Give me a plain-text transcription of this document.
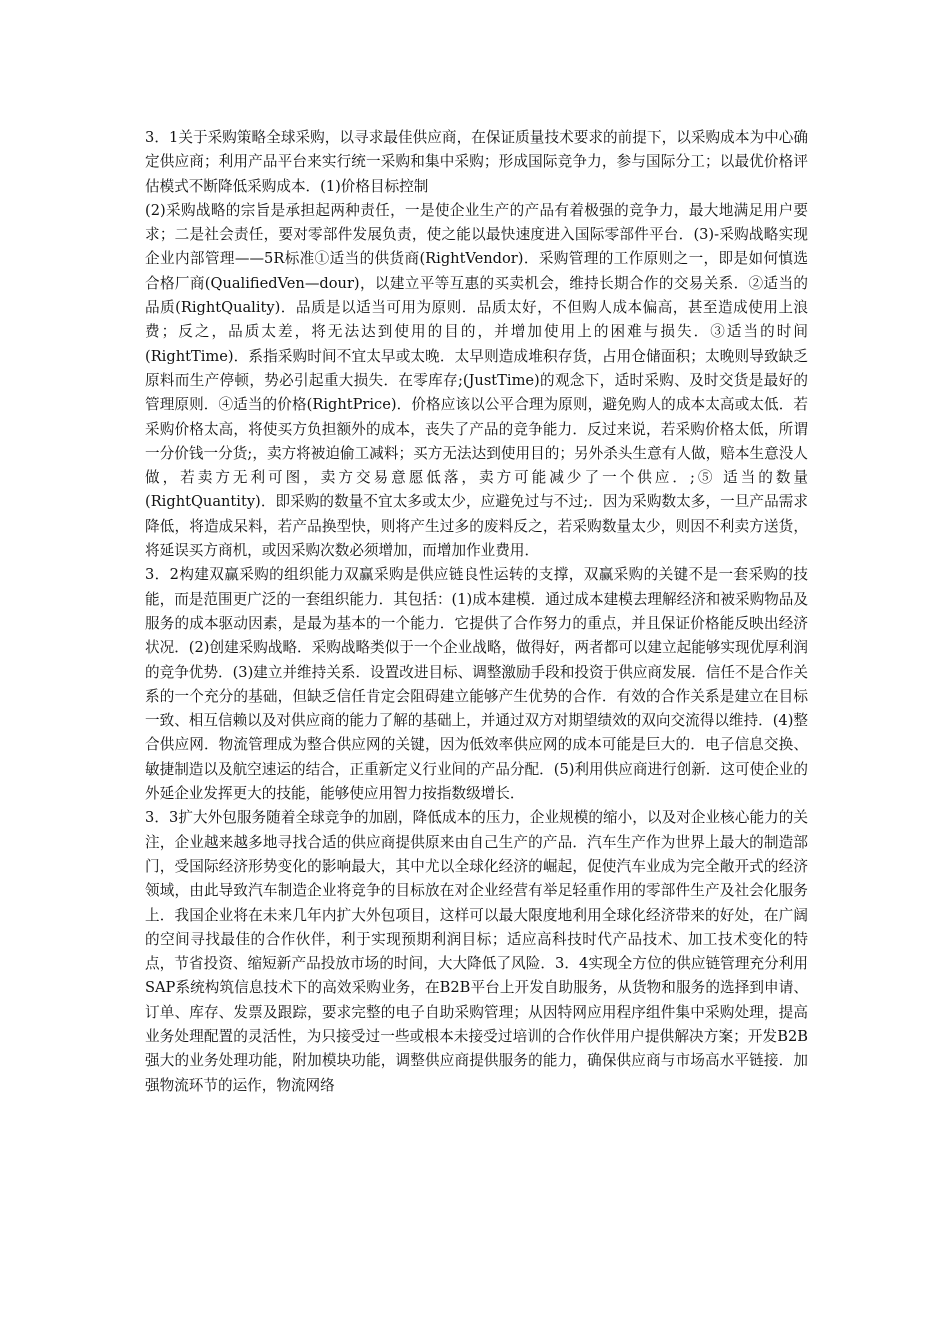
3．1关于采购策略全球采购，以寻求最佳供应商，在保证质量技术要求的前提下，以采购成本为中心确定供应商；利用产品平台来实行统一采购和集中采购；形成国际竞争力，参与国际分工；以最优价格评估模式不断降低采购成本．(1)价格目标控制

(2)采购战略的宗旨是承担起两种责任，一是使企业生产的产品有着极强的竞争力，最大地满足用户要求；二是社会责任，要对零部件发展负责，使之能以最快速度进入国际零部件平台．(3)-采购战略实现企业内部管理——5R标准①适当的供货商(RightVendor)．采购管理的工作原则之一，即是如何慎选合格厂商(QualifiedVen—dour)，以建立平等互惠的买卖机会，维持长期合作的交易关系．②适当的品质(RightQuality)．品质是以适当可用为原则．品质太好，不但购人成本偏高，甚至造成使用上浪费；反之，品质太差，将无法达到使用的目的，并增加使用上的困难与损失．③适当的时间(RightTime)．系指采购时间不宜太早或太晚．太早则造成堆积存货，占用仓储面积；太晚则导致缺乏原料而生产停顿，势必引起重大损失．在零库存;(JustTime)的观念下，适时采购、及时交货是最好的管理原则．④适当的价格(RightPrice)．价格应该以公平合理为原则，避免购人的成本太高或太低．若采购价格太高，将使买方负担额外的成本，丧失了产品的竞争能力．反过来说，若采购价格太低，所谓一分价钱一分货;，卖方将被迫偷工减料；买方无法达到使用目的；另外杀头生意有人做，赔本生意没人做，若卖方无利可图，卖方交易意愿低落，卖方可能减少了一个供应．;⑤ 适当的数量(RightQuantity)．即采购的数量不宜太多或太少，应避免过与不过;．因为采购数太多，一旦产品需求降低，将造成呆料，若产品换型快，则将产生过多的废料反之，若采购数量太少，则因不利卖方送货，将延误买方商机，或因采购次数必须增加，而增加作业费用．

3．2构建双赢采购的组织能力双赢采购是供应链良性运转的支撑，双赢采购的关键不是一套采购的技能，而是范围更广泛的一套组织能力．其包括：(1)成本建模．通过成本建模去理解经济和被采购物品及服务的成本驱动因素，是最为基本的一个能力．它提供了合作努力的重点，并且保证价格能反映出经济状况．(2)创建采购战略．采购战略类似于一个企业战略，做得好，两者都可以建立起能够实现优厚利润的竞争优势．(3)建立并维持关系．设置改进目标、调整激励手段和投资于供应商发展．信任不是合作关系的一个充分的基础，但缺乏信任肯定会阻碍建立能够产生优势的合作．有效的合作关系是建立在目标一致、相互信赖以及对供应商的能力了解的基础上，并通过双方对期望绩效的双向交流得以维持．(4)整合供应网．物流管理成为整合供应网的关键，因为低效率供应网的成本可能是巨大的．电子信息交换、敏捷制造以及航空速运的结合，正重新定义行业间的产品分配．(5)利用供应商进行创新．这可使企业的外延企业发挥更大的技能，能够使应用智力按指数级增长．

3．3扩大外包服务随着全球竞争的加剧，降低成本的压力，企业规模的缩小，以及对企业核心能力的关注，企业越来越多地寻找合适的供应商提供原来由自己生产的产品．汽车生产作为世界上最大的制造部门，受国际经济形势变化的影响最大，其中尤以全球化经济的崛起，促使汽车业成为完全敞开式的经济领域，由此导致汽车制造企业将竞争的目标放在对企业经营有举足轻重作用的零部件生产及社会化服务上．我国企业将在未来几年内扩大外包项目，这样可以最大限度地利用全球化经济带来的好处，在广阔的空间寻找最佳的合作伙伴，利于实现预期利润目标；适应高科技时代产品技术、加工技术变化的特点，节省投资、缩短新产品投放市场的时间，大大降低了风险．3．4实现全方位的供应链管理充分利用SAP系统构筑信息技术下的高效采购业务，在B2B平台上开发自助服务，从货物和服务的选择到申请、订单、库存、发票及跟踪，要求完整的电子自助采购管理；从因特网应用程序组件集中采购处理，提高业务处理配置的灵活性，为只接受过一些或根本未接受过培训的合作伙伴用户提供解决方案；开发B2B强大的业务处理功能，附加模块功能，调整供应商提供服务的能力，确保供应商与市场高水平链接．加强物流环节的运作，物流网络
